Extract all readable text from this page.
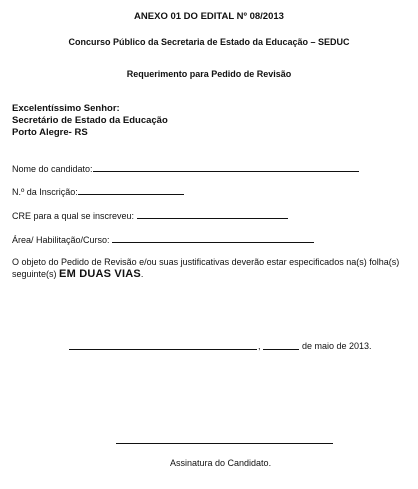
ANEXO 01 DO EDITAL Nº 08/2013
Concurso Público da Secretaria de Estado da Educação – SEDUC
Requerimento para Pedido de Revisão
Excelentíssimo Senhor:
Secretário de Estado da Educação
Porto Alegre- RS
Nome do candidato:
N.º da Inscrição:
CRE para a qual se inscreveu:
Área/ Habilitação/Curso:
O objeto do Pedido de Revisão e/ou suas justificativas deverão estar especificados na(s) folha(s) seguinte(s) EM DUAS VIAS.
,	de maio de 2013.
Assinatura do Candidato.
